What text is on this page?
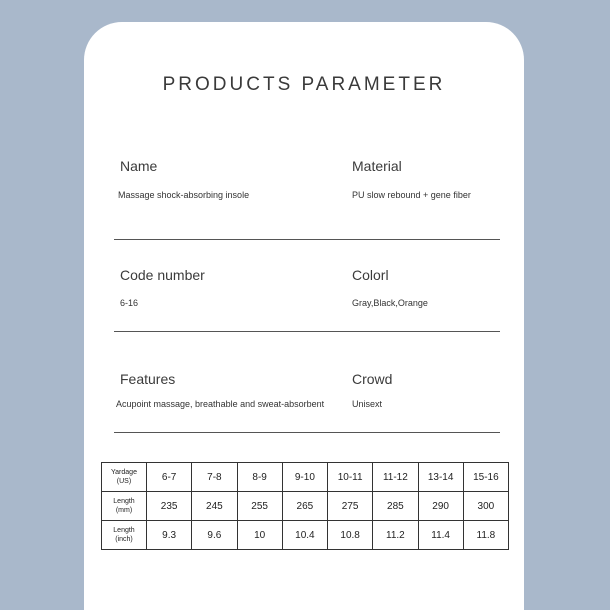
PRODUCTS PARAMETER
Name
Massage shock-absorbing insole
Material
PU slow rebound + gene fiber
Code number
6-16
Colorl
Gray,Black,Orange
Features
Acupoint massage, breathable and sweat-absorbent
Crowd
Unisext
Yardage
(US)	6-7	7-8	8-9	9-10	10-11	11-12	13-14	15-16

Length
(mm)	235	245	255	265	275	285	290	300

Length
(inch)	9.3	9.6	10	10.4	10.8	11.2	11.4	11.8
